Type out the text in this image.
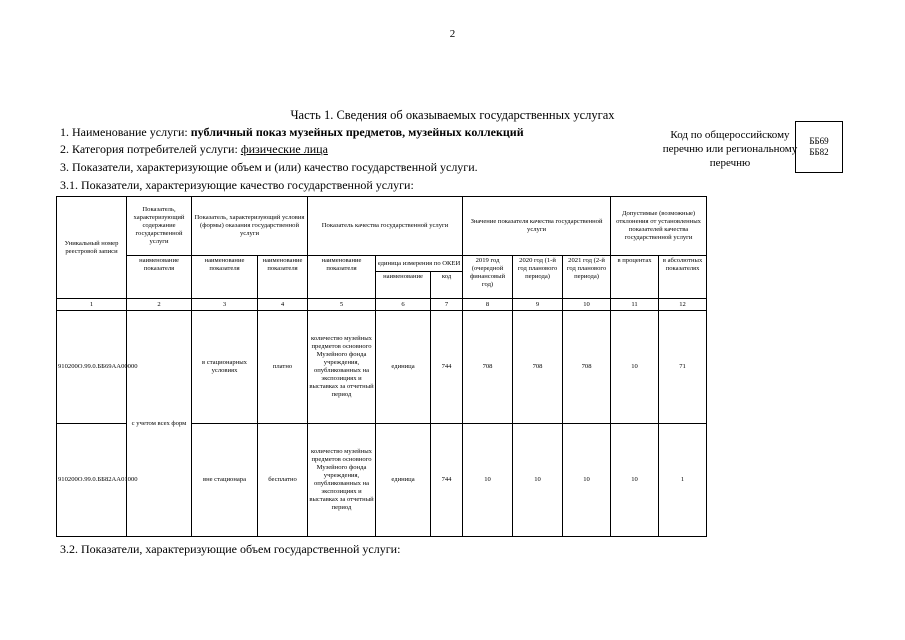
2
Часть 1. Сведения об оказываемых государственных услугах
1. Наименование услуги: публичный показ музейных предметов, музейных коллекций
2. Категория потребителей услуги: физические лица
3. Показатели, характеризующие объем и (или) качество государственной услуги.
3.1. Показатели, характеризующие качество государственной услуги:
Код по общероссийскому перечню или региональному перечню
ББ69
ББ82
Уникальный номер реестровой записи	Показатель, характеризующий содержание государственной услуги	Показатель, характеризующий условия (формы) оказания государственной услуги		Показатель качества государственной услуги			Значение показателя качества государственной услуги			Допустимые (возможные) отклонения от установленных показателей качества государственной услуги	
	наименование показателя	наименование показателя	наименование показателя	наименование показателя	единица измерения по ОКЕИ		2019 год (очередной финансовый год)	2020 год (1-й год планового периода)	2021 год (2-й год планового периода)	в процентах	в абсолютных показателях
					наименование	код					
1	2	3	4	5	6	7	8	9	10	11	12
910200О.99.0.ББ69АА00000	с учетом всех форм	в стационарных условиях	платно	количество музейных предметов основного Музейного фонда учреждения, опубликованных на экспозициях и выставках за отчетный период	единица	744	708	708	708	10	71
910200О.99.0.ББ82АА01000		вне стационара	бесплатно	количество музейных предметов основного Музейного фонда учреждения, опубликованных на экспозициях и выставках за отчетный период	единица	744	10	10	10	10	1
3.2. Показатели, характеризующие объем государственной услуги:
